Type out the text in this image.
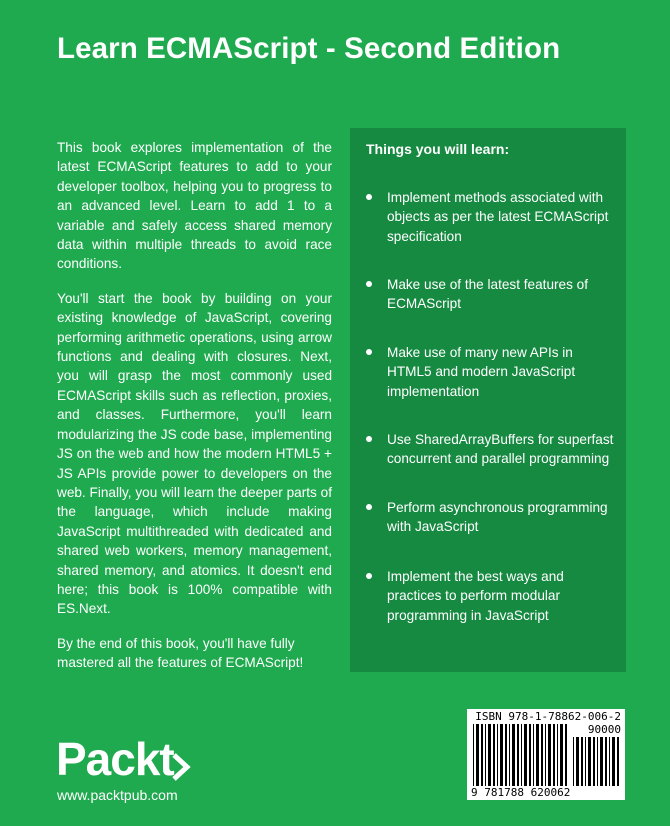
Learn ECMAScript - Second Edition

This book explores implementation of the latest ECMAScript features to add to your developer toolbox, helping you to progress to an advanced level. Learn to add 1 to a variable and safely access shared memory data within multiple threads to avoid race conditions.

You'll start the book by building on your existing knowledge of JavaScript, covering performing arithmetic operations, using arrow functions and dealing with closures. Next, you will grasp the most commonly used ECMAScript skills such as reflection, proxies, and classes. Furthermore, you'll learn modularizing the JS code base, implementing JS on the web and how the modern HTML5 + JS APIs provide power to developers on the web. Finally, you will learn the deeper parts of the language, which include making JavaScript multithreaded with dedicated and shared web workers, memory management, shared memory, and atomics. It doesn't end here; this book is 100% compatible with ES.Next.

By the end of this book, you'll have fully mastered all the features of ECMAScript!

Things you will learn:
Implement methods associated with objects as per the latest ECMAScript specification
Make use of the latest features of ECMAScript
Make use of many new APIs in HTML5 and modern JavaScript implementation
Use SharedArrayBuffers for superfast concurrent and parallel programming
Perform asynchronous programming with JavaScript
Implement the best ways and practices to perform modular programming in JavaScript
Packt
www.packtpub.com
ISBN 978-1-78862-006-2
90000
9 781788 620062
